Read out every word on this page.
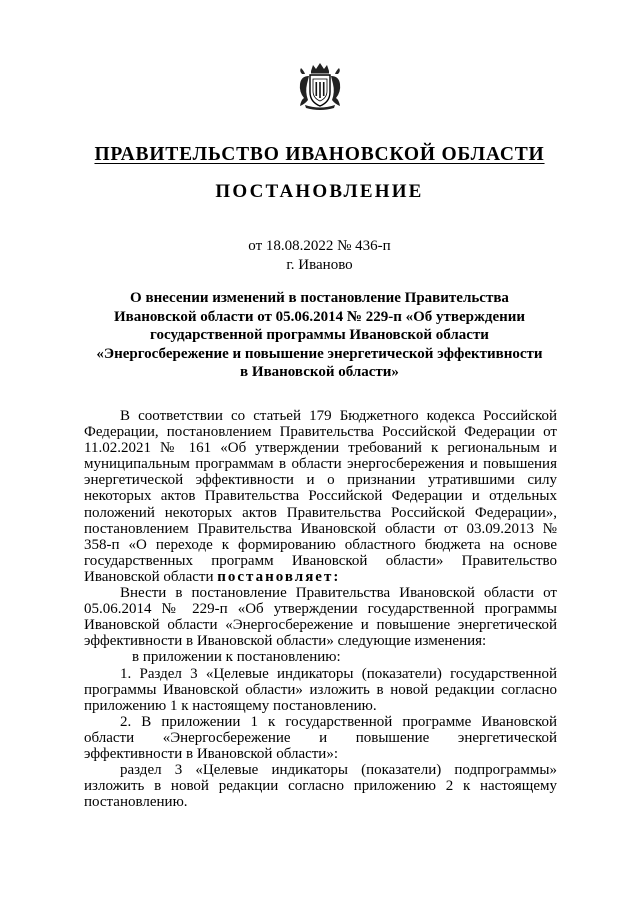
ПРАВИТЕЛЬСТВО ИВАНОВСКОЙ ОБЛАСТИ
ПОСТАНОВЛЕНИЕ
от 18.08.2022 № 436-п
г. Иваново
О внесении изменений в постановление Правительства
Ивановской области от 05.06.2014 № 229-п «Об утверждении
государственной программы Ивановской области
«Энергосбережение и повышение энергетической эффективности
в Ивановской области»

В соответствии со статьей 179 Бюджетного кодекса Российской Федерации, постановлением Правительства Российской Федерации от 11.02.2021 № 161 «Об утверждении требований к региональным и муниципальным программам в области энергосбережения и повышения энергетической эффективности и о признании утратившими силу некоторых актов Правительства Российской Федерации и отдельных положений некоторых актов Правительства Российской Федерации», постановлением Правительства Ивановской области от 03.09.2013 № 358-п «О переходе к формированию областного бюджета на основе государственных программ Ивановской области» Правительство Ивановской области постановляет:

Внести в постановление Правительства Ивановской области от 05.06.2014 № 229-п «Об утверждении государственной программы Ивановской области «Энергосбережение и повышение энергетической эффективности в Ивановской области» следующие изменения:

в приложении к постановлению:

1. Раздел 3 «Целевые индикаторы (показатели) государственной программы Ивановской области» изложить в новой редакции согласно приложению 1 к настоящему постановлению.

2. В приложении 1 к государственной программе Ивановской области «Энергосбережение и повышение энергетической эффективности в Ивановской области»:

раздел 3 «Целевые индикаторы (показатели) подпрограммы» изложить в новой редакции согласно приложению 2 к настоящему постановлению.
